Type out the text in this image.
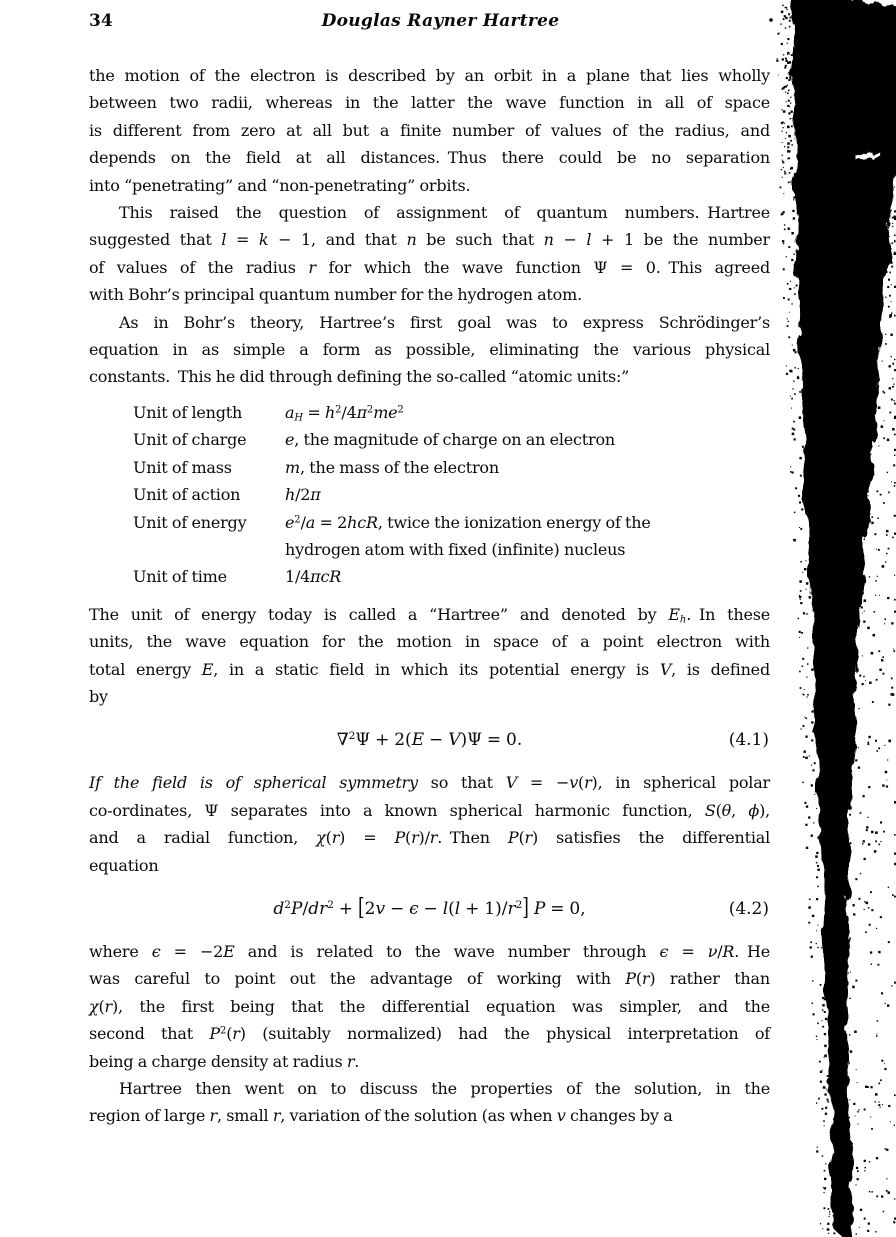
34	Douglas Rayner Hartree
the motion of the electron is described by an orbit in a plane that lies wholly
between two radii, whereas in the latter the wave function in all of space
is different from zero at all but a finite number of values of the radius, and
depends on the field at all distances. Thus there could be no separation
into “penetrating” and “non-penetrating” orbits.
This raised the question of assignment of quantum numbers. Hartree
suggested that l = k − 1, and that n be such that n − l + 1 be the number
of values of the radius r for which the wave function Ψ = 0. This agreed
with Bohr’s principal quantum number for the hydrogen atom.
As in Bohr’s theory, Hartree’s first goal was to express Schrödinger’s
equation in as simple a form as possible, eliminating the various physical
constants. This he did through defining the so-called “atomic units:”
Unit of length	$a_H = h^2/4\pi^2me^2$
Unit of charge	e, the magnitude of charge on an electron
Unit of mass	m, the mass of the electron
Unit of action	h/2π
Unit of energy	$e^2/a = 2hcR$, twice the ionization energy of the
hydrogen atom with fixed (infinite) nucleus
Unit of time	1/4πcR
The unit of energy today is called a “Hartree” and denoted by $E_h$. In these
units, the wave equation for the motion in space of a point electron with
total energy E, in a static field in which its potential energy is V, is defined
by
∇$^2$Ψ + 2(E − V)Ψ = 0.	(4.1)
If the field is of spherical symmetry so that V = −v(r), in spherical polar
co-ordinates, Ψ separates into a known spherical harmonic function, S(θ, ϕ),
and a radial function, χ(r) = P(r)/r. Then P(r) satisfies the differential
equation
$d^2P/dr^2 + [2v - \epsilon - l(l + 1)/r^2] P = 0$,	(4.2)
where ϵ = −2E and is related to the wave number through ϵ = ν/R. He
was careful to point out the advantage of working with P(r) rather than
χ(r), the first being that the differential equation was simpler, and the
second that $P^2(r)$ (suitably normalized) had the physical interpretation of
being a charge density at radius r.
Hartree then went on to discuss the properties of the solution, in the
region of large r, small r, variation of the solution (as when v changes by a
